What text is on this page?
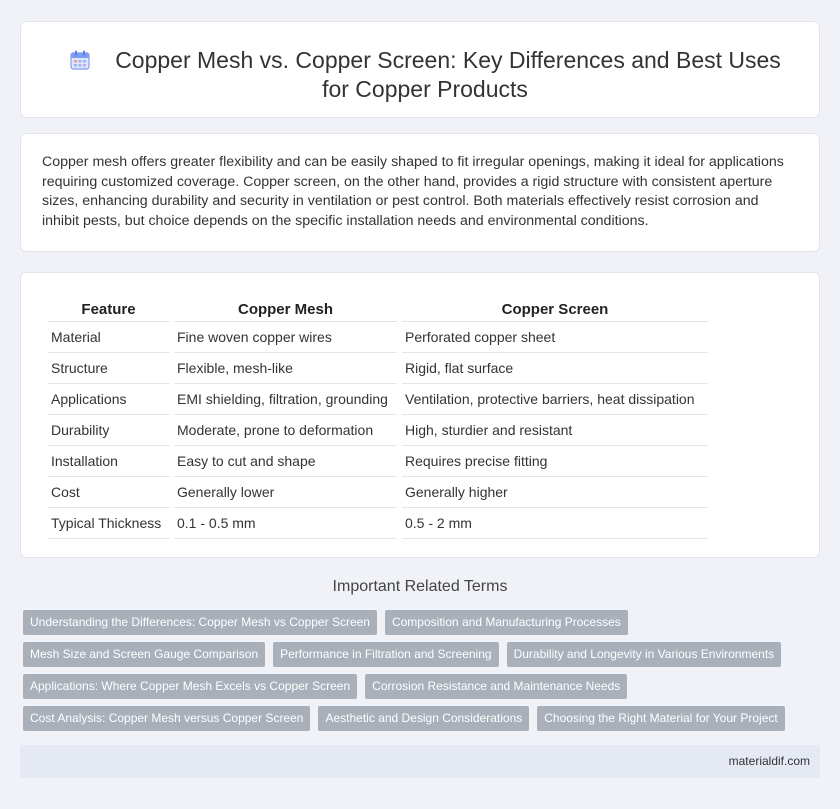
Copper Mesh vs. Copper Screen: Key Differences and Best Uses for Copper Products

Copper mesh offers greater flexibility and can be easily shaped to fit irregular openings, making it ideal for applications requiring customized coverage. Copper screen, on the other hand, provides a rigid structure with consistent aperture sizes, enhancing durability and security in ventilation or pest control. Both materials effectively resist corrosion and inhibit pests, but choice depends on the specific installation needs and environmental conditions.

Feature	Copper Mesh	Copper Screen
Material	Fine woven copper wires	Perforated copper sheet
Structure	Flexible, mesh-like	Rigid, flat surface
Applications	EMI shielding, filtration, grounding	Ventilation, protective barriers, heat dissipation
Durability	Moderate, prone to deformation	High, sturdier and resistant
Installation	Easy to cut and shape	Requires precise fitting
Cost	Generally lower	Generally higher
Typical Thickness	0.1 - 0.5 mm	0.5 - 2 mm
Important Related Terms
Understanding the Differences: Copper Mesh vs Copper Screen Composition and Manufacturing Processes
Mesh Size and Screen Gauge Comparison Performance in Filtration and Screening Durability and Longevity in Various Environments
Applications: Where Copper Mesh Excels vs Copper Screen Corrosion Resistance and Maintenance Needs
Cost Analysis: Copper Mesh versus Copper Screen Aesthetic and Design Considerations Choosing the Right Material for Your Project
materialdif.com
